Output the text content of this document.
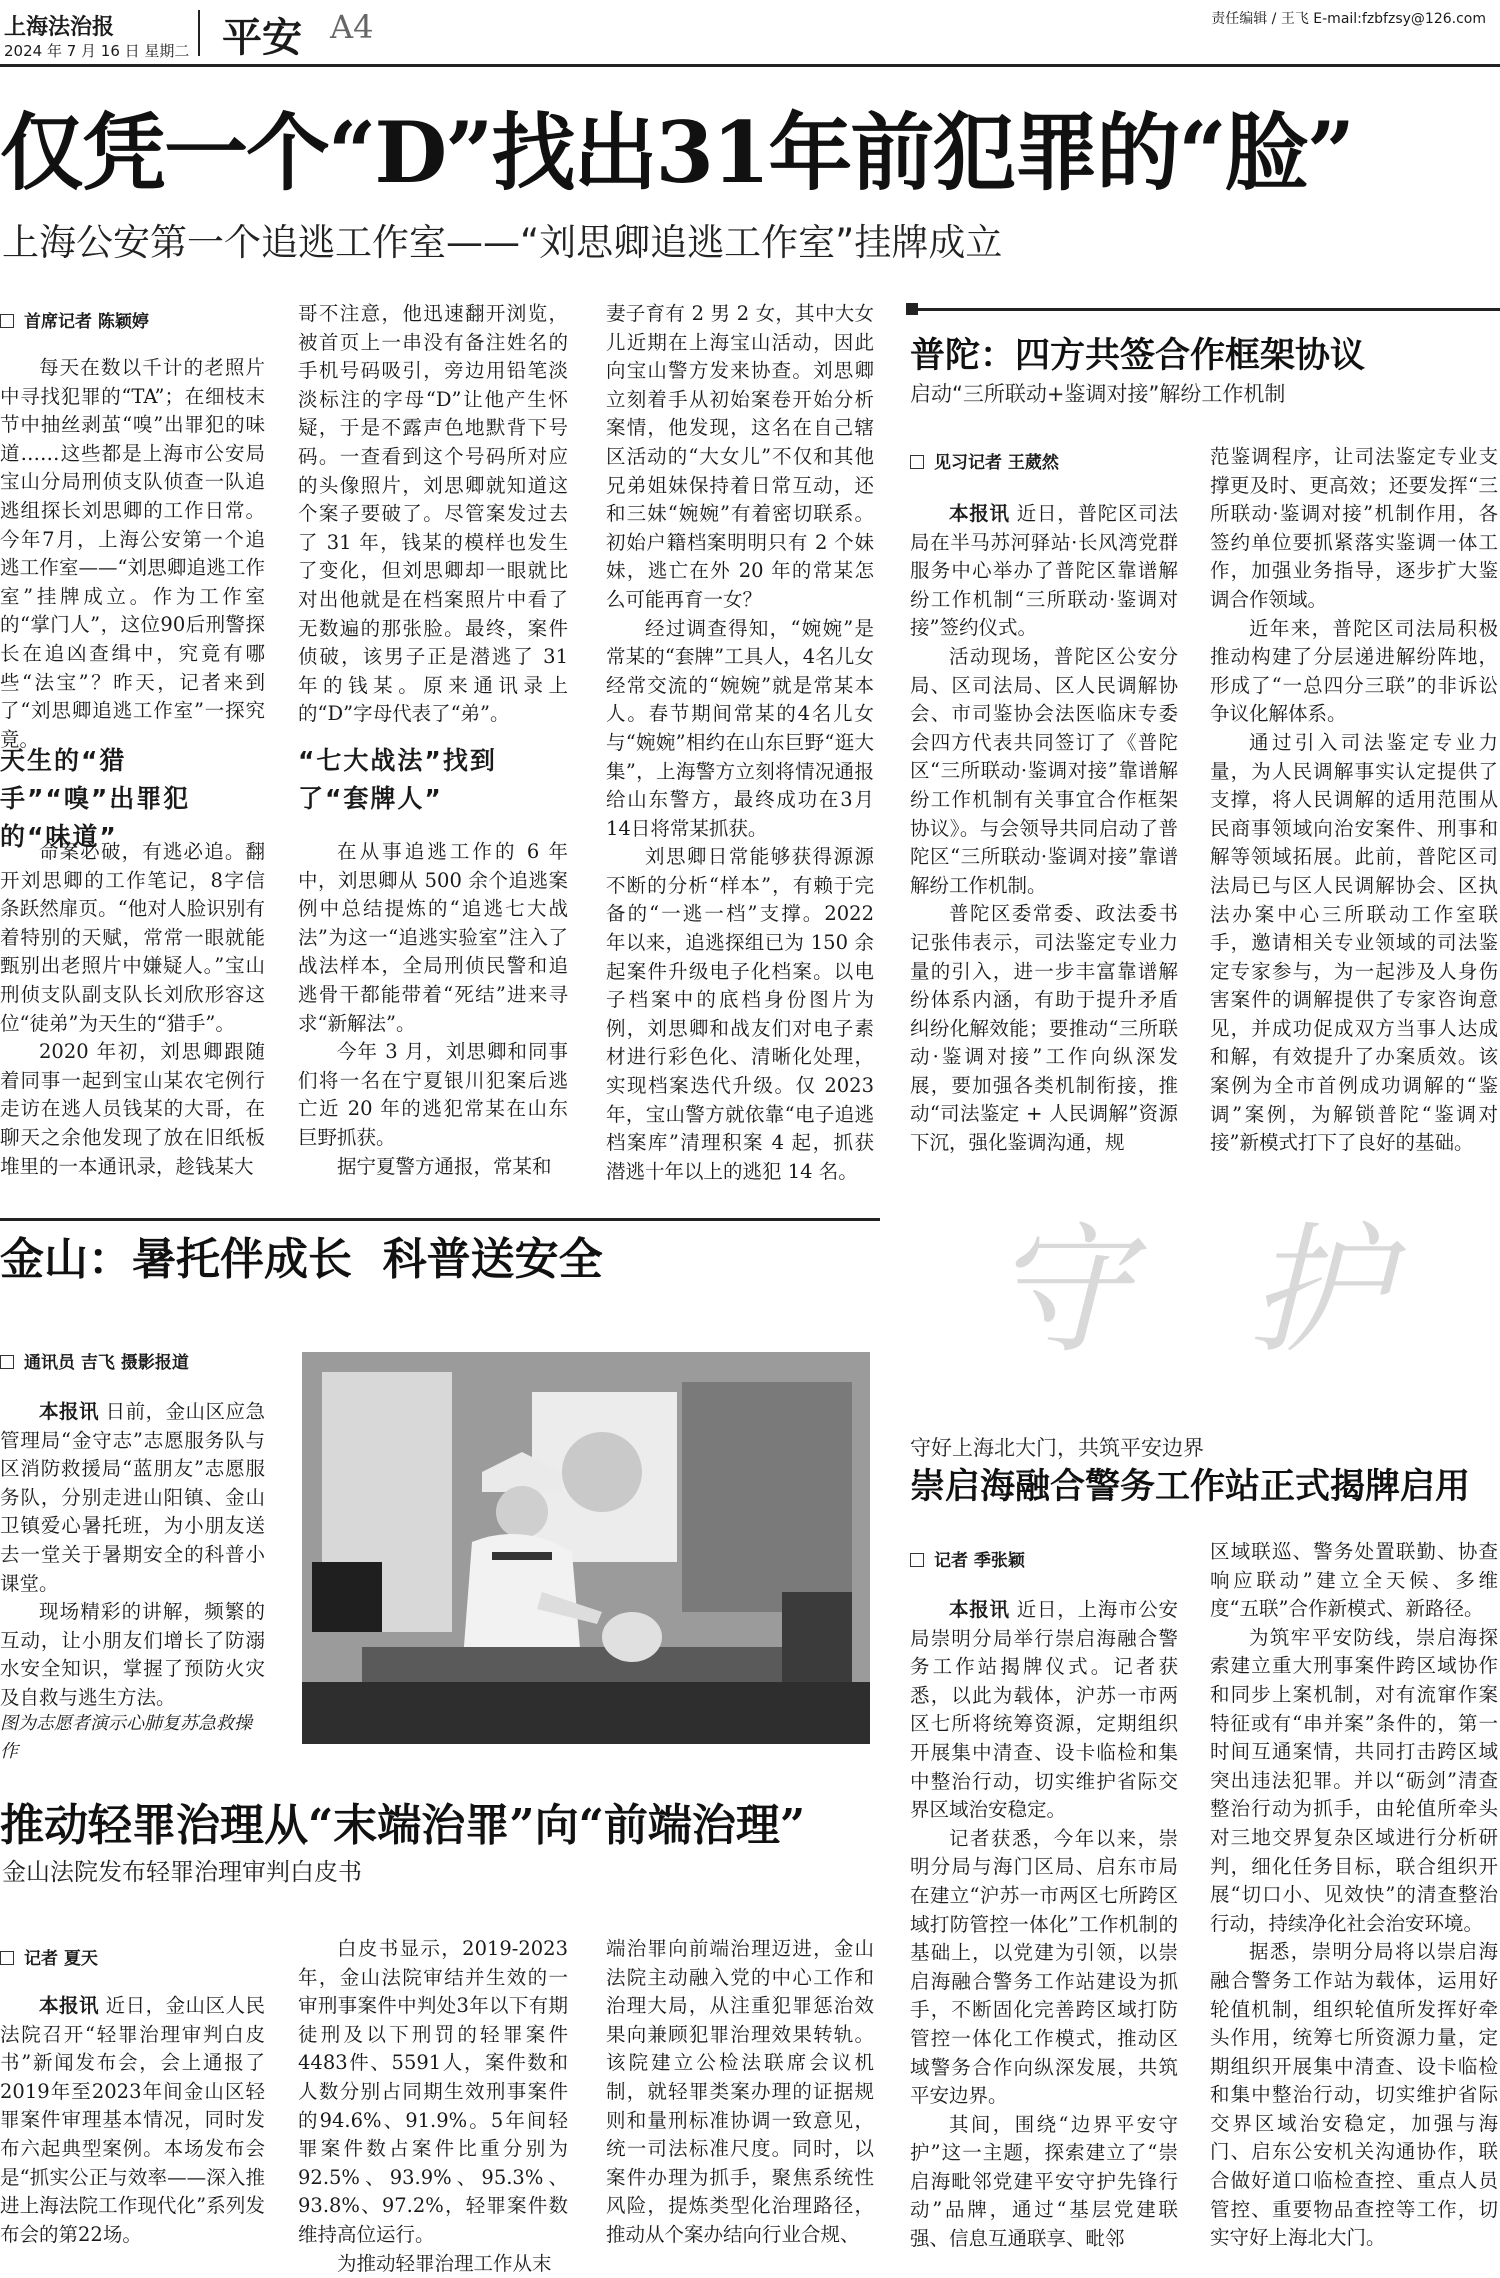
上海法治报
2024 年 7 月 16 日 星期二 平安 A4	责任编辑 / 王飞 E-mail:fzbfzsy@126.com
仅凭一个“D”找出31年前犯罪的“脸”
上海公安第一个追逃工作室——“刘思卿追逃工作室”挂牌成立
首席记者 陈颖婷

每天在数以千计的老照片中寻找犯罪的“TA”；在细枝末节中抽丝剥茧“嗅”出罪犯的味道……这些都是上海市公安局宝山分局刑侦支队侦查一队追逃组探长刘思卿的工作日常。今年7月，上海公安第一个追逃工作室——“刘思卿追逃工作室”挂牌成立。作为工作室的“掌门人”，这位90后刑警探长在追凶查缉中，究竟有哪些“法宝”？昨天，记者来到了“刘思卿追逃工作室”一探究竟。

天生的“猎手”“嗅”出罪犯的“味道”

命案必破，有逃必追。翻开刘思卿的工作笔记，8字信条跃然扉页。“他对人脸识别有着特别的天赋，常常一眼就能甄别出老照片中嫌疑人。”宝山刑侦支队副支队长刘欣形容这位“徒弟”为天生的“猎手”。

2020 年初，刘思卿跟随着同事一起到宝山某农宅例行走访在逃人员钱某的大哥，在聊天之余他发现了放在旧纸板堆里的一本通讯录，趁钱某大

哥不注意，他迅速翻开浏览，被首页上一串没有备注姓名的手机号码吸引，旁边用铅笔淡淡标注的字母“D”让他产生怀疑，于是不露声色地默背下号码。一查看到这个号码所对应的头像照片，刘思卿就知道这个案子要破了。尽管案发过去了 31 年，钱某的模样也发生了变化，但刘思卿却一眼就比对出他就是在档案照片中看了无数遍的那张脸。最终，案件侦破，该男子正是潜逃了 31 年的钱某。原来通讯录上的“D”字母代表了“弟”。

“七大战法”找到了“套牌人”

在从事追逃工作的 6 年中，刘思卿从 500 余个追逃案例中总结提炼的“追逃七大战法”为这一“追逃实验室”注入了战法样本，全局刑侦民警和追逃骨干都能带着“死结”进来寻求“新解法”。

今年 3 月，刘思卿和同事们将一名在宁夏银川犯案后逃亡近 20 年的逃犯常某在山东巨野抓获。

据宁夏警方通报，常某和

妻子育有 2 男 2 女，其中大女儿近期在上海宝山活动，因此向宝山警方发来协查。刘思卿立刻着手从初始案卷开始分析案情，他发现，这名在自己辖区活动的“大女儿”不仅和其他兄弟姐妹保持着日常互动，还和三妹“婉婉”有着密切联系。初始户籍档案明明只有 2 个妹妹，逃亡在外 20 年的常某怎么可能再育一女？

经过调查得知，“婉婉”是常某的“套牌”工具人，4名儿女经常交流的“婉婉”就是常某本人。春节期间常某的4名儿女与“婉婉”相约在山东巨野“逛大集”，上海警方立刻将情况通报给山东警方，最终成功在3月14日将常某抓获。

刘思卿日常能够获得源源不断的分析“样本”，有赖于完备的“一逃一档”支撑。2022 年以来，追逃探组已为 150 余起案件升级电子化档案。以电子档案中的底档身份图片为例，刘思卿和战友们对电子素材进行彩色化、清晰化处理，实现档案迭代升级。仅 2023 年，宝山警方就依靠“电子追逃档案库”清理积案 4 起，抓获潜逃十年以上的逃犯 14 名。

普陀：四方共签合作框架协议
启动“三所联动+鉴调对接”解纷工作机制
见习记者 王葳然

本报讯 近日，普陀区司法局在半马苏河驿站·长风湾党群服务中心举办了普陀区靠谱解纷工作机制“三所联动·鉴调对接”签约仪式。

活动现场，普陀区公安分局、区司法局、区人民调解协会、市司鉴协会法医临床专委会四方代表共同签订了《普陀区“三所联动·鉴调对接”靠谱解纷工作机制有关事宜合作框架协议》。与会领导共同启动了普陀区“三所联动·鉴调对接”靠谱解纷工作机制。

普陀区委常委、政法委书记张伟表示，司法鉴定专业力量的引入，进一步丰富靠谱解纷体系内涵，有助于提升矛盾纠纷化解效能；要推动“三所联动·鉴调对接”工作向纵深发展，要加强各类机制衔接，推动“司法鉴定 + 人民调解”资源下沉，强化鉴调沟通，规

范鉴调程序，让司法鉴定专业支撑更及时、更高效；还要发挥“三所联动·鉴调对接”机制作用，各签约单位要抓紧落实鉴调一体工作，加强业务指导，逐步扩大鉴调合作领域。

近年来，普陀区司法局积极推动构建了分层递进解纷阵地，形成了“一总四分三联”的非诉讼争议化解体系。

通过引入司法鉴定专业力量，为人民调解事实认定提供了支撑，将人民调解的适用范围从民商事领域向治安案件、刑事和解等领域拓展。此前，普陀区司法局已与区人民调解协会、区执法办案中心三所联动工作室联手，邀请相关专业领域的司法鉴定专家参与，为一起涉及人身伤害案件的调解提供了专家咨询意见，并成功促成双方当事人达成和解，有效提升了办案质效。该案例为全市首例成功调解的“鉴调”案例，为解锁普陀“鉴调对接”新模式打下了良好的基础。

金山：暑托伴成长  科普送安全
通讯员 吉飞 摄影报道

本报讯 日前，金山区应急管理局“金守志”志愿服务队与区消防救援局“蓝朋友”志愿服务队，分别走进山阳镇、金山卫镇爱心暑托班，为小朋友送去一堂关于暑期安全的科普小课堂。

现场精彩的讲解，频繁的互动，让小朋友们增长了防溺水安全知识，掌握了预防火灾及自救与逃生方法。

图为志愿者演示心肺复苏急救操作
守  护
守好上海北大门，共筑平安边界
崇启海融合警务工作站正式揭牌启用
记者 季张颖

本报讯 近日，上海市公安局崇明分局举行崇启海融合警务工作站揭牌仪式。记者获悉，以此为载体，沪苏一市两区七所将统筹资源，定期组织开展集中清查、设卡临检和集中整治行动，切实维护省际交界区域治安稳定。

记者获悉，今年以来，崇明分局与海门区局、启东市局在建立“沪苏一市两区七所跨区域打防管控一体化”工作机制的基础上，以党建为引领，以崇启海融合警务工作站建设为抓手，不断固化完善跨区域打防管控一体化工作模式，推动区域警务合作向纵深发展，共筑平安边界。

其间，围绕“边界平安守护”这一主题，探索建立了“崇启海毗邻党建平安守护先锋行动”品牌，通过“基层党建联强、信息互通联享、毗邻

区域联巡、警务处置联勤、协查响应联动”建立全天候、多维度“五联”合作新模式、新路径。

为筑牢平安防线，崇启海探索建立重大刑事案件跨区域协作和同步上案机制，对有流窜作案特征或有“串并案”条件的，第一时间互通案情，共同打击跨区域突出违法犯罪。并以“砺剑”清查整治行动为抓手，由轮值所牵头对三地交界复杂区域进行分析研判，细化任务目标，联合组织开展“切口小、见效快”的清查整治行动，持续净化社会治安环境。

据悉，崇明分局将以崇启海融合警务工作站为载体，运用好轮值机制，组织轮值所发挥好牵头作用，统筹七所资源力量，定期组织开展集中清查、设卡临检和集中整治行动，切实维护省际交界区域治安稳定，加强与海门、启东公安机关沟通协作，联合做好道口临检查控、重点人员管控、重要物品查控等工作，切实守好上海北大门。

推动轻罪治理从“末端治罪”向“前端治理”
金山法院发布轻罪治理审判白皮书
记者 夏天

本报讯 近日，金山区人民法院召开“轻罪治理审判白皮书”新闻发布会，会上通报了2019年至2023年间金山区轻罪案件审理基本情况，同时发布六起典型案例。本场发布会是“抓实公正与效率——深入推进上海法院工作现代化”系列发布会的第22场。

白皮书显示，2019-2023年，金山法院审结并生效的一审刑事案件中判处3年以下有期徒刑及以下刑罚的轻罪案件4483件、5591人，案件数和人数分别占同期生效刑事案件的94.6%、91.9%。5年间轻罪案件数占案件比重分别为92.5%、93.9%、95.3%、93.8%、97.2%，轻罪案件数维持高位运行。

为推动轻罪治理工作从末

端治罪向前端治理迈进，金山法院主动融入党的中心工作和治理大局，从注重犯罪惩治效果向兼顾犯罪治理效果转轨。该院建立公检法联席会议机制，就轻罪类案办理的证据规则和量刑标准协调一致意见，统一司法标准尺度。同时，以案件办理为抓手，聚焦系统性风险，提炼类型化治理路径，推动从个案办结向行业合规、
